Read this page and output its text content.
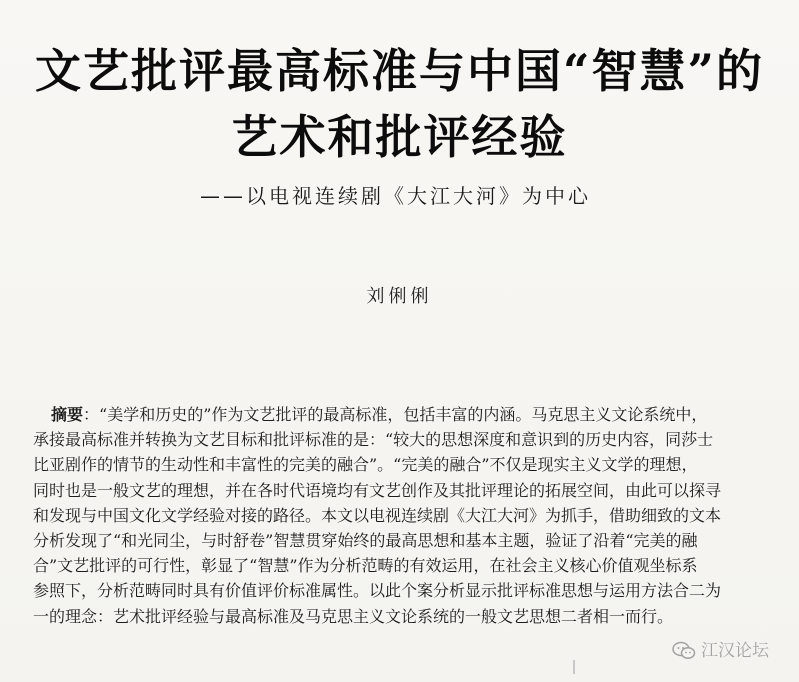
文艺批评最高标准与中国“智慧”的
艺术和批评经验
——以电视连续剧《大江大河》为中心
刘俐俐
摘要：“美学和历史的”作为文艺批评的最高标准，包括丰富的内涵。马克思主义文论系统中，
承接最高标准并转换为文艺目标和批评标准的是：“较大的思想深度和意识到的历史内容，同莎士
比亚剧作的情节的生动性和丰富性的完美的融合”。“完美的融合”不仅是现实主义文学的理想，
同时也是一般文艺的理想，并在各时代语境均有文艺创作及其批评理论的拓展空间，由此可以探寻
和发现与中国文化文学经验对接的路径。本文以电视连续剧《大江大河》为抓手，借助细致的文本
分析发现了“和光同尘，与时舒卷”智慧贯穿始终的最高思想和基本主题，验证了沿着“完美的融
合”文艺批评的可行性，彰显了“智慧”作为分析范畴的有效运用，在社会主义核心价值观坐标系
参照下，分析范畴同时具有价值评价标准属性。以此个案分析显示批评标准思想与运用方法合二为
一的理念：艺术批评经验与最高标准及马克思主义文论系统的一般文艺思想二者相一而行。
江汉论坛
